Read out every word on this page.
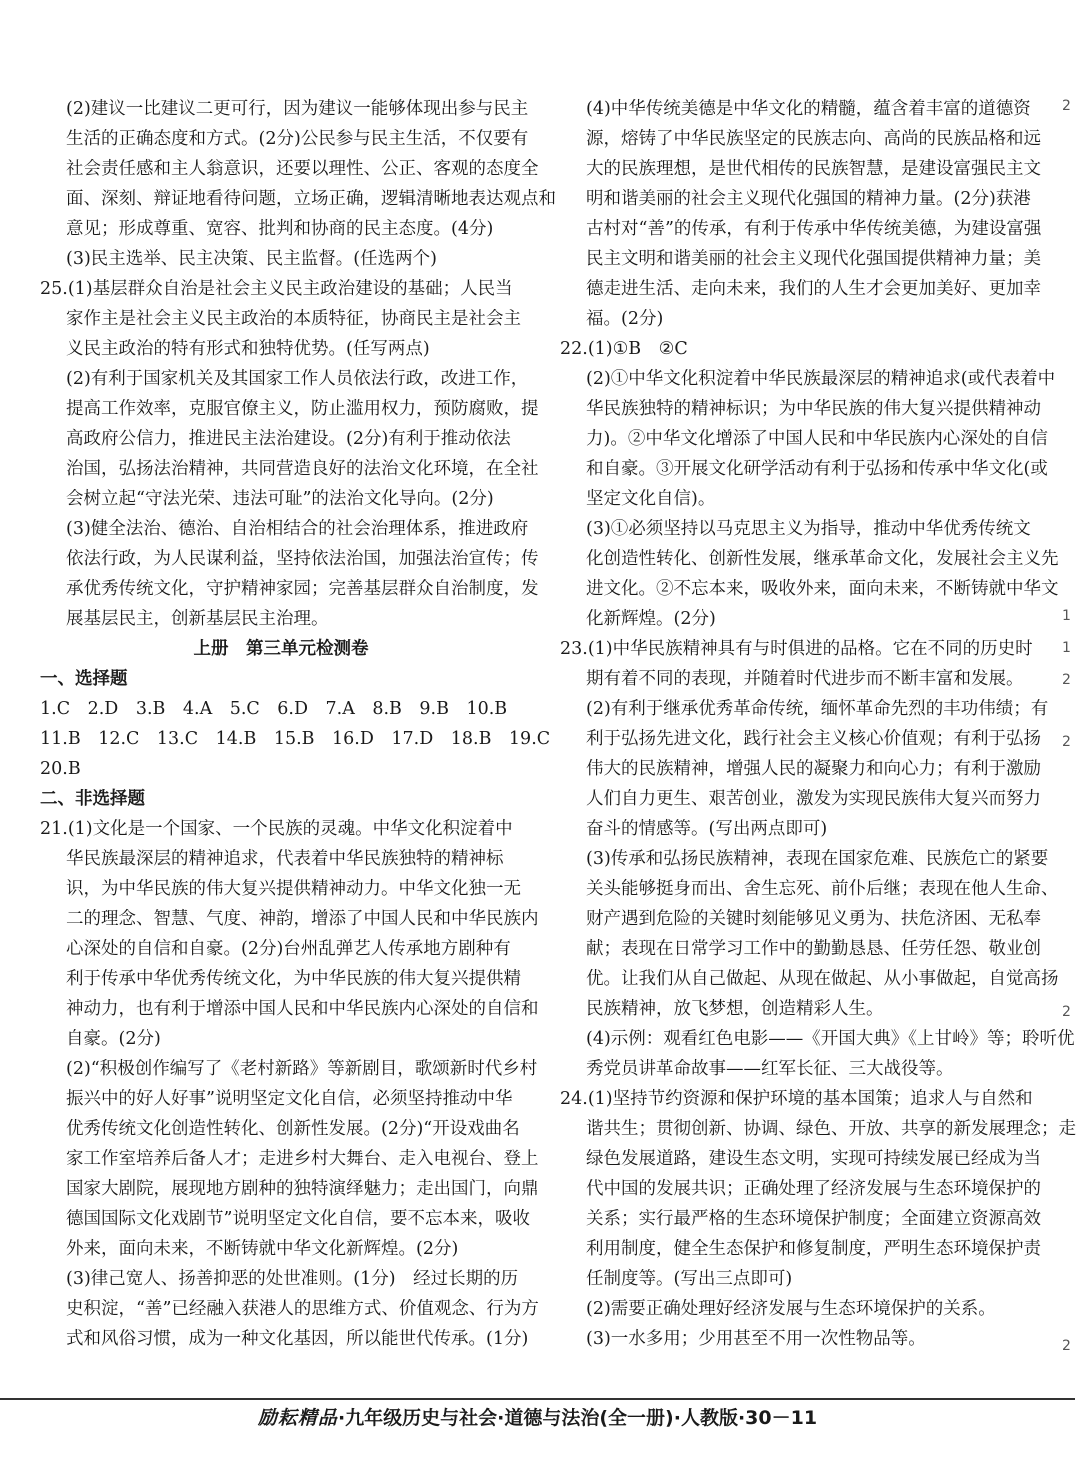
(2)建议一比建议二更可行，因为建议一能够体现出参与民主
生活的正确态度和方式。(2分)公民参与民主生活，不仅要有
社会责任感和主人翁意识，还要以理性、公正、客观的态度全
面、深刻、辩证地看待问题，立场正确，逻辑清晰地表达观点和
意见；形成尊重、宽容、批判和协商的民主态度。(4分)
(3)民主选举、民主决策、民主监督。(任选两个)
25.(1)基层群众自治是社会主义民主政治建设的基础；人民当
家作主是社会主义民主政治的本质特征，协商民主是社会主
义民主政治的特有形式和独特优势。(任写两点)
(2)有利于国家机关及其国家工作人员依法行政，改进工作，
提高工作效率，克服官僚主义，防止滥用权力，预防腐败，提
高政府公信力，推进民主法治建设。(2分)有利于推动依法
治国，弘扬法治精神，共同营造良好的法治文化环境，在全社
会树立起“守法光荣、违法可耻”的法治文化导向。(2分)
(3)健全法治、德治、自治相结合的社会治理体系，推进政府
依法行政，为人民谋利益，坚持依法治国，加强法治宣传；传
承优秀传统文化，守护精神家园；完善基层群众自治制度，发
展基层民主，创新基层民主治理。
上册　第三单元检测卷
一、选择题
1.C　2.D　3.B　4.A　5.C　6.D　7.A　8.B　9.B　10.B
11.B　12.C　13.C　14.B　15.B　16.D　17.D　18.B　19.C
20.B
二、非选择题
21.(1)文化是一个国家、一个民族的灵魂。中华文化积淀着中
华民族最深层的精神追求，代表着中华民族独特的精神标
识，为中华民族的伟大复兴提供精神动力。中华文化独一无
二的理念、智慧、气度、神韵，增添了中国人民和中华民族内
心深处的自信和自豪。(2分)台州乱弹艺人传承地方剧种有
利于传承中华优秀传统文化，为中华民族的伟大复兴提供精
神动力，也有利于增添中国人民和中华民族内心深处的自信和
自豪。(2分)
(2)“积极创作编写了《老村新路》等新剧目，歌颂新时代乡村
振兴中的好人好事”说明坚定文化自信，必须坚持推动中华
优秀传统文化创造性转化、创新性发展。(2分)“开设戏曲名
家工作室培养后备人才；走进乡村大舞台、走入电视台、登上
国家大剧院，展现地方剧种的独特演绎魅力；走出国门，向鼎
德国国际文化戏剧节”说明坚定文化自信，要不忘本来，吸收
外来，面向未来，不断铸就中华文化新辉煌。(2分)
(3)律己宽人、扬善抑恶的处世准则。(1分)　经过长期的历
史积淀，“善”已经融入获港人的思维方式、价值观念、行为方
式和风俗习惯，成为一种文化基因，所以能世代传承。(1分)
(4)中华传统美德是中华文化的精髓，蕴含着丰富的道德资
源，熔铸了中华民族坚定的民族志向、高尚的民族品格和远
大的民族理想，是世代相传的民族智慧，是建设富强民主文
明和谐美丽的社会主义现代化强国的精神力量。(2分)获港
古村对“善”的传承，有利于传承中华传统美德，为建设富强
民主文明和谐美丽的社会主义现代化强国提供精神力量；美
德走进生活、走向未来，我们的人生才会更加美好、更加幸
福。(2分)
22.(1)①B　②C
(2)①中华文化积淀着中华民族最深层的精神追求(或代表着中
华民族独特的精神标识；为中华民族的伟大复兴提供精神动
力)。②中华文化增添了中国人民和中华民族内心深处的自信
和自豪。③开展文化研学活动有利于弘扬和传承中华文化(或
坚定文化自信)。
(3)①必须坚持以马克思主义为指导，推动中华优秀传统文
化创造性转化、创新性发展，继承革命文化，发展社会主义先
进文化。②不忘本来，吸收外来，面向未来，不断铸就中华文
化新辉煌。(2分)
23.(1)中华民族精神具有与时俱进的品格。它在不同的历史时
期有着不同的表现，并随着时代进步而不断丰富和发展。
(2)有利于继承优秀革命传统，缅怀革命先烈的丰功伟绩；有
利于弘扬先进文化，践行社会主义核心价值观；有利于弘扬
伟大的民族精神，增强人民的凝聚力和向心力；有利于激励
人们自力更生、艰苦创业，激发为实现民族伟大复兴而努力
奋斗的情感等。(写出两点即可)
(3)传承和弘扬民族精神，表现在国家危难、民族危亡的紧要
关头能够挺身而出、舍生忘死、前仆后继；表现在他人生命、
财产遇到危险的关键时刻能够见义勇为、扶危济困、无私奉
献；表现在日常学习工作中的勤勤恳恳、任劳任怨、敬业创
优。让我们从自己做起、从现在做起、从小事做起，自觉高扬
民族精神，放飞梦想，创造精彩人生。
(4)示例：观看红色电影——《开国大典》《上甘岭》等；聆听优
秀党员讲革命故事——红军长征、三大战役等。
24.(1)坚持节约资源和保护环境的基本国策；追求人与自然和
谐共生；贯彻创新、协调、绿色、开放、共享的新发展理念；走
绿色发展道路，建设生态文明，实现可持续发展已经成为当
代中国的发展共识；正确处理了经济发展与生态环境保护的
关系；实行最严格的生态环境保护制度；全面建立资源高效
利用制度，健全生态保护和修复制度，严明生态环境保护责
任制度等。(写出三点即可)
(2)需要正确处理好经济发展与生态环境保护的关系。
(3)一水多用；少用甚至不用一次性物品等。
2
1
1
2
2
2
2
励耘精品·九年级历史与社会·道德与法治(全一册)·人教版·30－11
